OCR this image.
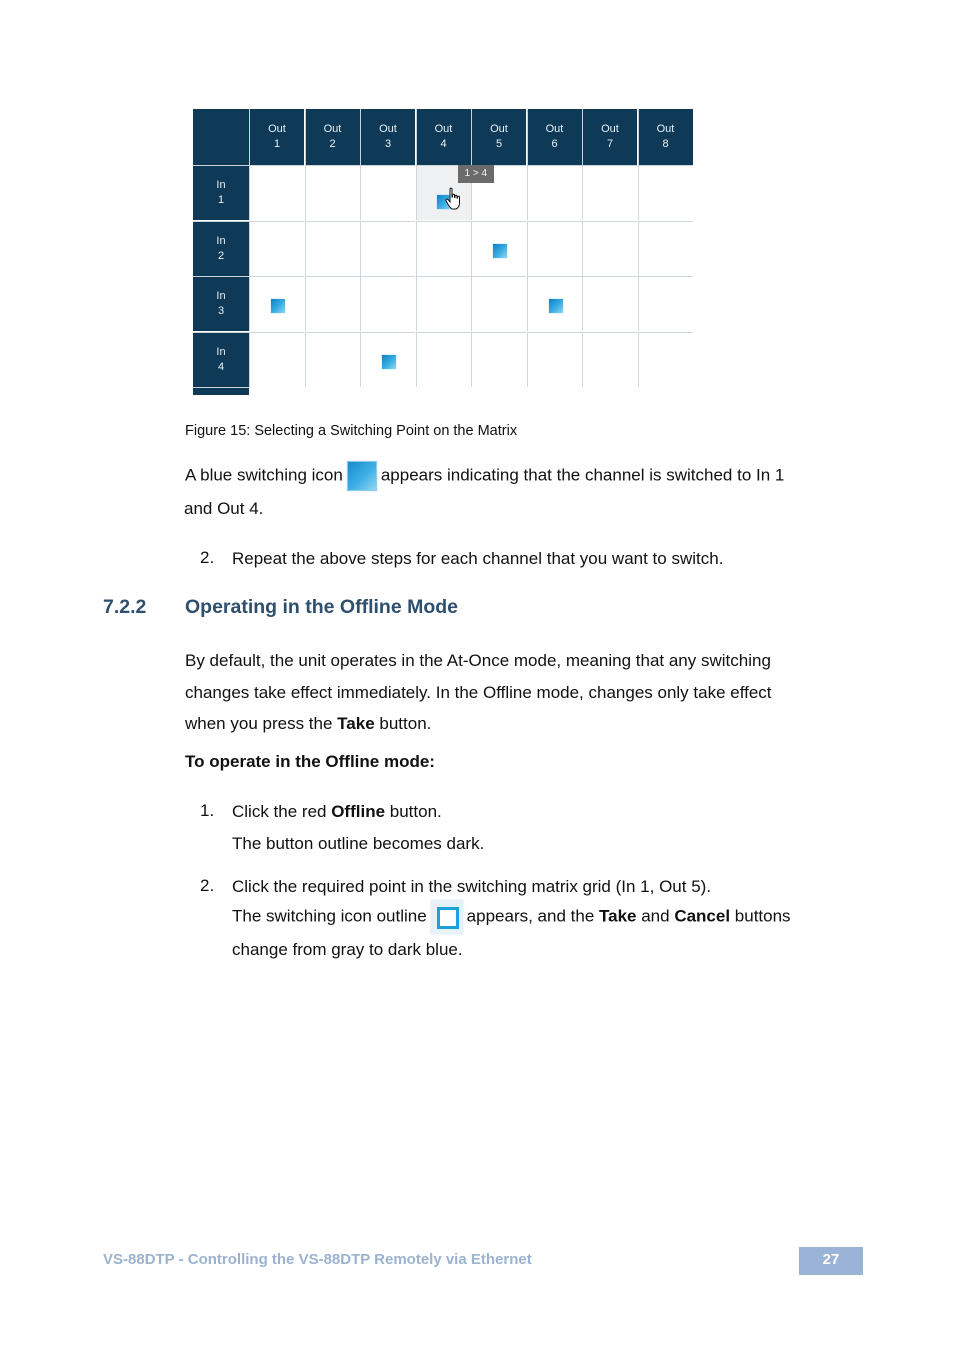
Out
1
Out
2
Out
3
Out
4
Out
5
Out
6
Out
7
Out
8
In
1
In
2
In
3
In
4
1 > 4
Figure 15: Selecting a Switching Point on the Matrix
A blue switching icon appears indicating that the channel is switched to In 1
and Out 4.
2. Repeat the above steps for each channel that you want to switch.
7.2.2 Operating in the Offline Mode
By default, the unit operates in the At-Once mode, meaning that any switching
changes take effect immediately. In the Offline mode, changes only take effect
when you press the Take button.
To operate in the Offline mode:
1. Click the red Offline button.
The button outline becomes dark.
2. Click the required point in the switching matrix grid (In 1, Out 5).
The switching icon outline appears, and the Take and Cancel buttons
change from gray to dark blue.
VS-88DTP - Controlling the VS-88DTP Remotely via Ethernet	27
